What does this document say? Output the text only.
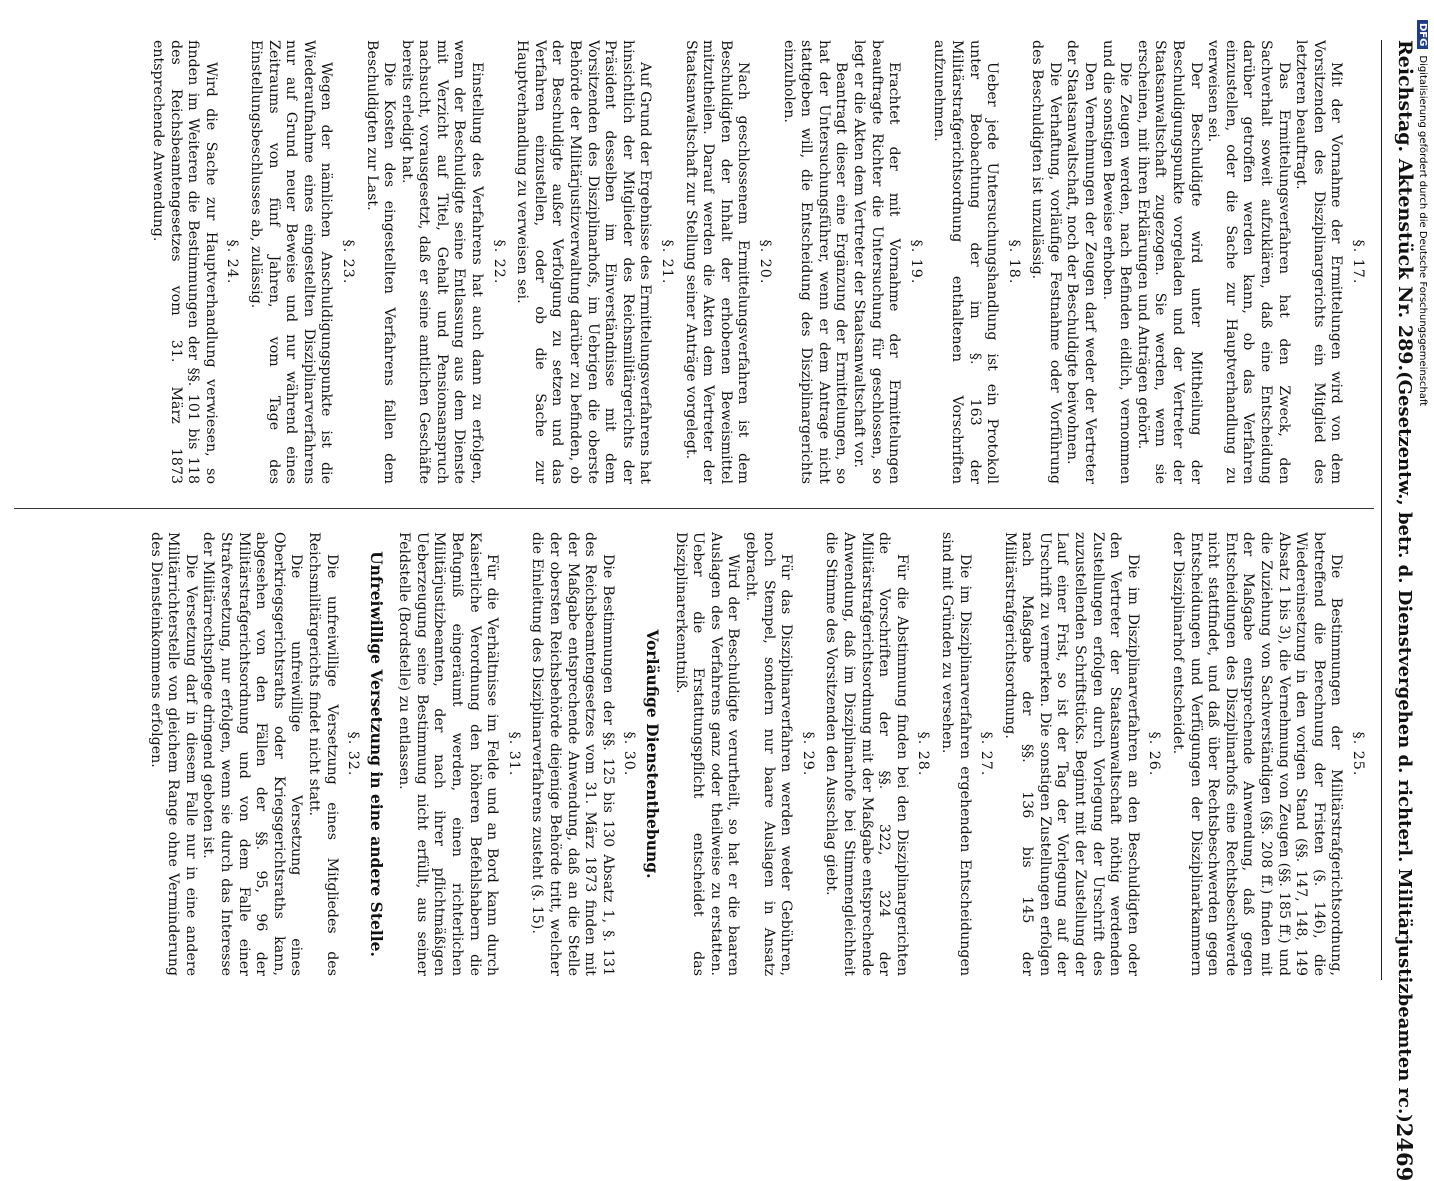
Reichstag. Aktenstück Nr. 289.
(Gesetzentw., betr. d. Dienstvergehen d. richterl. Militärjustizbeamten rc.)
2469
§. 17.

Mit der Vornahme der Ermittelungen wird von dem Vorsitzenden des Disziplinargerichts ein Mitglied des letzteren beauftragt.

Das Ermittelungsverfahren hat den Zweck, den Sachverhalt soweit aufzuklären, daß eine Entscheidung darüber getroffen werden kann, ob das Verfahren einzustellen, oder die Sache zur Hauptverhandlung zu verweisen sei.

Der Beschuldigte wird unter Mittheilung der Beschuldigungspunkte vorgeladen und der Vertreter der Staatsanwaltschaft zugezogen. Sie werden, wenn sie erscheinen, mit ihren Erklärungen und Anträgen gehört.

Die Zeugen werden, nach Befinden eidlich, vernommen und die sonstigen Beweise erhoben.

Den Vernehmungen der Zeugen darf weder der Vertreter der Staatsanwaltschaft, noch der Beschuldigte beiwohnen.

Die Verhaftung, vorläufige Festnahme oder Vorführung des Beschuldigten ist unzulässig.

§. 18.

Ueber jede Untersuchungshandlung ist ein Protokoll unter Beobachtung der im §. 163 der Militärstrafgerichtsordnung enthaltenen Vorschriften aufzunehmen.

§. 19.

Erachtet der mit Vornahme der Ermittelungen beauftragte Richter die Untersuchung für geschlossen, so legt er die Akten dem Vertreter der Staatsanwaltschaft vor.

Beantragt dieser eine Ergänzung der Ermittelungen, so hat der Untersuchungsführer, wenn er dem Antrage nicht stattgeben will, die Entscheidung des Disziplinargerichts einzuholen.

§. 20.

Nach geschlossenem Ermittelungsverfahren ist dem Beschuldigten der Inhalt der erhobenen Beweismittel mitzutheilen. Darauf werden die Akten dem Vertreter der Staatsanwaltschaft zur Stellung seiner Anträge vorgelegt.

§. 21.

Auf Grund der Ergebnisse des Ermittelungsverfahrens hat hinsichtlich der Mitglieder des Reichsmilitärgerichts der Präsident desselben im Einverständnisse mit dem Vorsitzenden des Disziplinarhofs, im Uebrigen die oberste Behörde der Militärjustizverwaltung darüber zu befinden, ob der Beschuldigte außer Verfolgung zu setzen und das Verfahren einzustellen, oder ob die Sache zur Hauptverhandlung zu verweisen sei.

§. 22.

Einstellung des Verfahrens hat auch dann zu erfolgen, wenn der Beschuldigte seine Entlassung aus dem Dienste mit Verzicht auf Titel, Gehalt und Pensionsanspruch nachsucht, vorausgesetzt, daß er seine amtlichen Geschäfte bereits erledigt hat.

Die Kosten des eingestellten Verfahrens fallen dem Beschuldigten zur Last.

§. 23.

Wegen der nämlichen Anschuldigungspunkte ist die Wiederaufnahme eines eingestellten Disziplinarverfahrens nur auf Grund neuer Beweise und nur während eines Zeitraums von fünf Jahren, vom Tage des Einstellungsbeschlusses ab, zulässig.

§. 24.

Wird die Sache zur Hauptverhandlung verwiesen, so finden im Weiteren die Bestimmungen der §§. 101 bis 118 des Reichsbeamtengesetzes vom 31. März 1873 entsprechende Anwendung.

§. 25.

Die Bestimmungen der Militärstrafgerichtsordnung, betreffend die Berechnung der Fristen (§. 146), die Wiedereinsetzung in den vorigen Stand (§§. 147, 148, 149 Absatz 1 bis 3), die Vernehmung von Zeugen (§§. 185 ff.) und die Zuziehung von Sachverständigen (§§. 208 ff.) finden mit der Maßgabe entsprechende Anwendung, daß gegen Entscheidungen des Disziplinarhofs eine Rechtsbeschwerde nicht stattfindet, und daß über Rechtsbeschwerden gegen Entscheidungen und Verfügungen der Disziplinarkammern der Disziplinarhof entscheidet.

§. 26.

Die im Disziplinarverfahren an den Beschuldigten oder den Vertreter der Staatsanwaltschaft nöthig werdenden Zustellungen erfolgen durch Vorlegung der Urschrift des zuzustellenden Schriftstücks. Beginnt mit der Zustellung der Lauf einer Frist, so ist der Tag der Vorlegung auf der Urschrift zu vermerken. Die sonstigen Zustellungen erfolgen nach Maßgabe der §§. 136 bis 145 der Militärstrafgerichtsordnung.

§. 27.

Die im Disziplinarverfahren ergehenden Entscheidungen sind mit Gründen zu versehen.

§. 28.

Für die Abstimmung finden bei den Disziplinargerichten die Vorschriften der §§. 322, 324 der Militärstrafgerichtsordnung mit der Maßgabe entsprechende Anwendung, daß im Disziplinarhofe bei Stimmengleichheit die Stimme des Vorsitzenden den Ausschlag giebt.

§. 29.

Für das Disziplinarverfahren werden weder Gebühren, noch Stempel, sondern nur baare Auslagen in Ansatz gebracht.

Wird der Beschuldigte verurtheilt, so hat er die baaren Auslagen des Verfahrens ganz oder theilweise zu erstatten. Ueber die Erstattungspflicht entscheidet das Disziplinarerkenntniß.

Vorläufige Dienstenthebung.
§. 30.

Die Bestimmungen der §§. 125 bis 130 Absatz 1, §. 131 des Reichsbeamtengesetzes vom 31. März 1873 finden mit der Maßgabe entsprechende Anwendung, daß an die Stelle der obersten Reichsbehörde diejenige Behörde tritt, welcher die Einleitung des Disziplinarverfahrens zusteht (§. 15).

§. 31.

Für die Verhältnisse im Felde und an Bord kann durch Kaiserliche Verordnung den höheren Befehlshabern die Befugniß eingeräumt werden, einen richterlichen Militärjustizbeamten, der nach ihrer pflichtmäßigen Ueberzeugung seine Bestimmung nicht erfüllt, aus seiner Feldstelle (Bordstelle) zu entlassen.

Unfreiwillige Versetzung in eine andere Stelle.
§. 32.

Die unfreiwillige Versetzung eines Mitgliedes des Reichsmilitärgerichts findet nicht statt.

Die unfreiwillige Versetzung eines Oberkriegsgerichtsraths oder Kriegsgerichtsraths kann, abgesehen von den Fällen der §§. 95, 96 der Militärstrafgerichtsordnung und von dem Falle einer Strafversetzung, nur erfolgen, wenn sie durch das Interesse der Militärrechtspflege dringend geboten ist.

Die Versetzung darf in diesem Falle nur in eine andere Militärrichterstelle von gleichem Range ohne Verminderung des Diensteinkommens erfolgen.

DFGDigitalisierung gefördert durch die Deutsche Forschungsgemeinschaft
